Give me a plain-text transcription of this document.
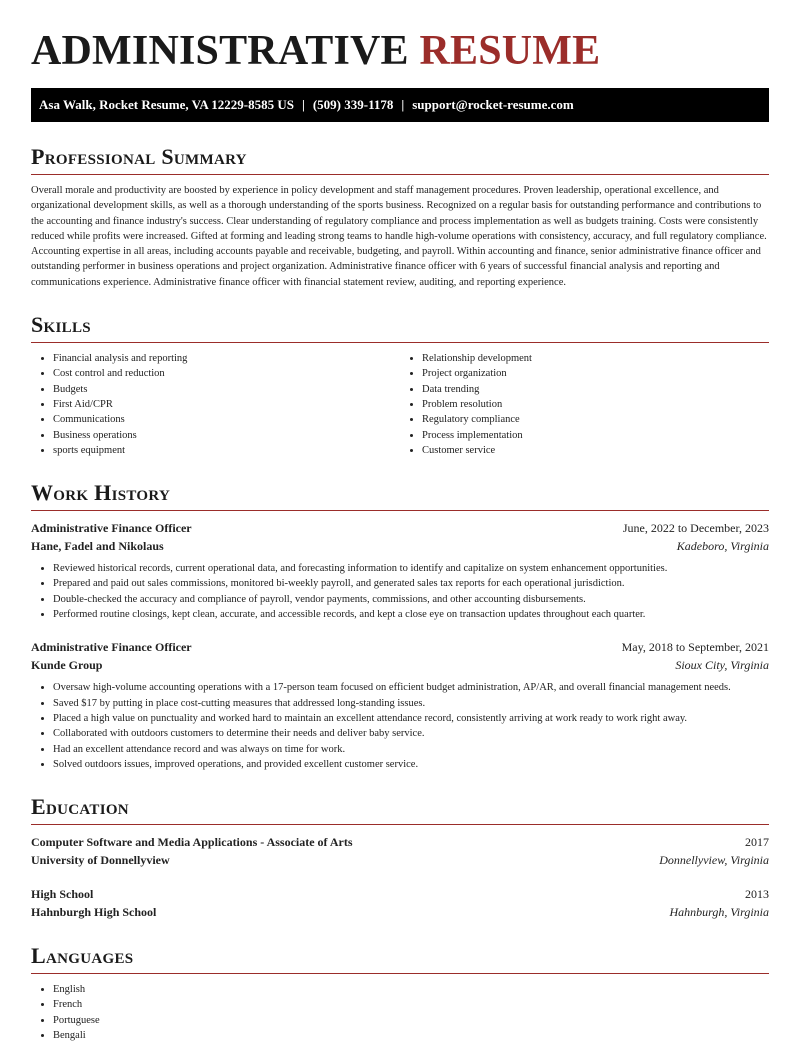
ADMINISTRATIVE RESUME
Asa Walk, Rocket Resume, VA 12229-8585 US | (509) 339-1178 | support@rocket-resume.com
Professional Summary

Overall morale and productivity are boosted by experience in policy development and staff management procedures. Proven leadership, operational excellence, and organizational development skills, as well as a thorough understanding of the sports business. Recognized on a regular basis for outstanding performance and contributions to the accounting and finance industry's success. Clear understanding of regulatory compliance and process implementation as well as budgets training. Costs were consistently reduced while profits were increased. Gifted at forming and leading strong teams to handle high-volume operations with consistency, accuracy, and full regulatory compliance. Accounting expertise in all areas, including accounts payable and receivable, budgeting, and payroll. Within accounting and finance, senior administrative finance officer and outstanding performer in business operations and project organization. Administrative finance officer with 6 years of successful financial analysis and reporting and communications experience. Administrative finance officer with financial statement review, auditing, and reporting experience.

Skills
• Financial analysis and reporting
• Cost control and reduction
• Budgets
• First Aid/CPR
• Communications
• Business operations
• sports equipment
• Relationship development
• Project organization
• Data trending
• Problem resolution
• Regulatory compliance
• Process implementation
• Customer service
Work History
Administrative Finance Officer	June, 2022 to December, 2023
Hane, Fadel and Nikolaus	Kadeboro, Virginia
• Reviewed historical records, current operational data, and forecasting information to identify and capitalize on system enhancement opportunities.
• Prepared and paid out sales commissions, monitored bi-weekly payroll, and generated sales tax reports for each operational jurisdiction.
• Double-checked the accuracy and compliance of payroll, vendor payments, commissions, and other accounting disbursements.
• Performed routine closings, kept clean, accurate, and accessible records, and kept a close eye on transaction updates throughout each quarter.
Administrative Finance Officer	May, 2018 to September, 2021
Kunde Group	Sioux City, Virginia
• Oversaw high-volume accounting operations with a 17-person team focused on efficient budget administration, AP/AR, and overall financial management needs.
• Saved $17 by putting in place cost-cutting measures that addressed long-standing issues.
• Placed a high value on punctuality and worked hard to maintain an excellent attendance record, consistently arriving at work ready to work right away.
• Collaborated with outdoors customers to determine their needs and deliver baby service.
• Had an excellent attendance record and was always on time for work.
• Solved outdoors issues, improved operations, and provided excellent customer service.
Education
Computer Software and Media Applications - Associate of Arts	2017
University of Donnellyview	Donnellyview, Virginia
High School	2013
Hahnburgh High School	Hahnburgh, Virginia
Languages
• English
• French
• Portuguese
• Bengali
